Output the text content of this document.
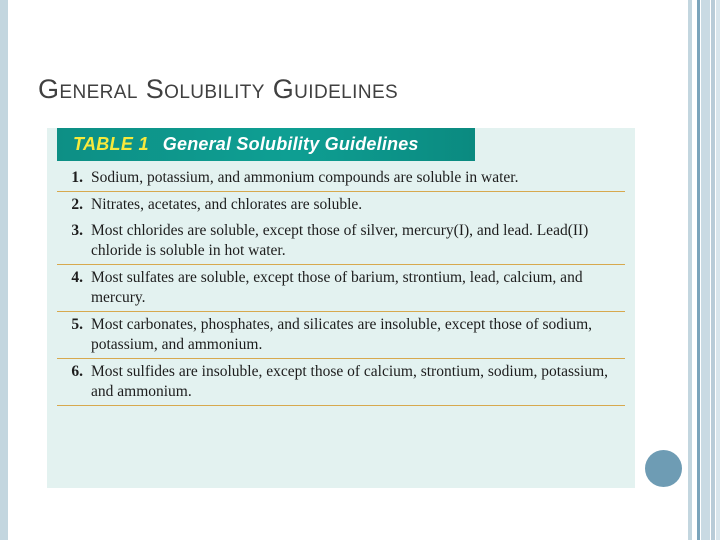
General Solubility Guidelines
TABLE 1 General Solubility Guidelines
1. Sodium, potassium, and ammonium compounds are soluble in water.
2. Nitrates, acetates, and chlorates are soluble.
3. Most chlorides are soluble, except those of silver, mercury(I), and lead. Lead(II) chloride is soluble in hot water.
4. Most sulfates are soluble, except those of barium, strontium, lead, calcium, and mercury.
5. Most carbonates, phosphates, and silicates are insoluble, except those of sodium, potassium, and ammonium.
6. Most sulfides are insoluble, except those of calcium, strontium, sodium, potassium, and ammonium.
